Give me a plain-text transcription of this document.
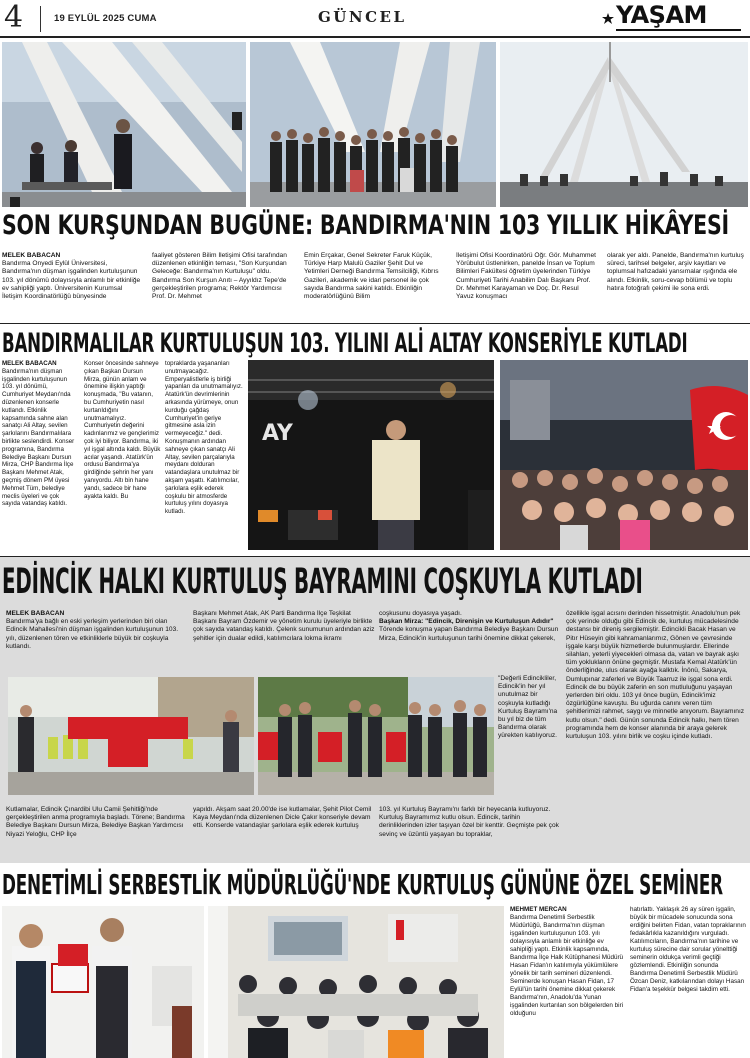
4	19 EYLÜL 2025 CUMA	GÜNCEL	YAŞAM
SON KURŞUNDAN BUGÜNE: BANDIRMA'NIN 103 YILLIK HİKÂYESİ

MELEK BABACAN

Bandırma Onyedi Eylül Üniversitesi, Bandırma'nın düşman işgalinden kurtuluşunun 103. yıl dönümü dolayısıyla anlamlı bir etkinliğe ev sahipliği yaptı. Üniversitenin Kurumsal İletişim Koordinatörlüğü bünyesinde

faaliyet gösteren Bilim İletişimi Ofisi tarafından düzenlenen etkinliğin teması, "Son Kurşundan Geleceğe: Bandırma'nın Kurtuluşu" oldu. Bandırma Son Kurşun Anıtı – Ayyıldız Tepe'de gerçekleştirilen programa; Rektör Yardımcısı Prof. Dr. Mehmet
Emin Erçakar, Genel Sekreter Faruk Küçük, Türkiye Harp Malulü Gaziler Şehit Dul ve Yetimleri Derneği Bandırma Temsilciliği, Kıbrıs Gazileri, akademik ve idari personel ile çok sayıda Bandırma sakini katıldı. Etkinliğin moderatörlüğünü Bilim
İletişimi Ofisi Koordinatörü Öğr. Gör. Muhammet Yörübulut üstlenirken, panelde İnsan ve Toplum Bilimleri Fakültesi öğretim üyelerinden Türkiye Cumhuriyeti Tarihi Anabilim Dalı Başkanı Prof. Dr. Mehmet Karayaman ve Doç. Dr. Resul Yavuz konuşmacı
olarak yer aldı. Panelde, Bandırma'nın kurtuluş süreci, tarihsel belgeler, arşiv kayıtları ve toplumsal hafızadaki yansımalar ışığında ele alındı. Etkinlik, soru-cevap bölümü ve toplu hatıra fotoğrafı çekimi ile sona erdi.
BANDIRMALILAR KURTULUŞUN 103. YILINI ALİ ALTAY KONSERİYLE KUTLADI

MELEK BABACAN

Bandırma'nın düşman işgalinden kurtuluşunun 103. yıl dönümü, Cumhuriyet Meydanı'nda düzenlenen konserle kutlandı. Etkinlik kapsamında sahne alan sanatçı Ali Altay, sevilen şarkılarını Bandırmalılara birlikte seslendirdi. Konser programına, Bandırma Belediye Başkanı Dursun Mirza, CHP Bandırma İlçe Başkanı Mehmet Atak, geçmiş dönem PM üyesi Mehmet Tüm, belediye meclis üyeleri ve çok sayıda vatandaş katıldı.

Konser öncesinde sahneye çıkan Başkan Dursun Mirza, günün anlam ve önemine ilişkin yaptığı konuşmada, "Bu vatanın, bu Cumhuriyetin nasıl kurtarıldığını unutmamalıyız. Cumhuriyetin değerini kadınlarımız ve gençlerimiz çok iyi biliyor. Bandırma, iki yıl işgal altında kaldı. Büyük acılar yaşandı. Atatürk'ün ordusu Bandırma'ya girdiğinde şehrin her yanı yanıyordu. Altı bin hane yandı, sadece bir hane ayakta kaldı. Bu
topraklarda yaşananları unutmayacağız. Emperyalistlerle iş birliği yapanları da unutmamalıyız. Atatürk'ün devrimlerinin arkasında yürümeye, onun kurduğu çağdaş Cumhuriyet'in geriye gitmesine asla izin vermeyeceğiz." dedi. Konuşmanın ardından sahneye çıkan sanatçı Ali Altay, sevilen parçalarıyla meydanı dolduran vatandaşlara unutulmaz bir akşam yaşattı. Katılımcılar, şarkılara eşlik ederek coşkulu bir atmosferde kurtuluş yılını doyasıya kutladı.
AY
EDİNCİK HALKI KURTULUŞ BAYRAMINI COŞKUYLA KUTLADI

MELEK BABACAN

Bandırma'ya bağlı en eski yerleşim yerlerinden biri olan Edincik Mahallesi'nin düşman işgalinden kurtuluşunun 103. yılı, düzenlenen tören ve etkinliklerle büyük bir coşkuyla kutlandı.

Başkanı Mehmet Atak, AK Parti Bandırma İlçe Teşkilat Başkanı Bayram Özdemir ve yönetim kurulu üyeleriyle birlikte çok sayıda vatandaş katıldı. Çelenk sunumunun ardından aziz şehitler için dualar edildi, katılımcılara lokma ikramı

coşkusunu doyasıya yaşadı.

Başkan Mirza: "Edincik, Direnişin ve Kurtuluşun Adıdır"

Törende konuşma yapan Bandırma Belediye Başkanı Dursun Mirza, Edincik'in kurtuluşunun tarihi önemine dikkat çekerek,

özellikle işgal acısını derinden hissetmiştir. Anadolu'nun pek çok yerinde olduğu gibi Edincik de, kurtuluş mücadelesinde destansı bir direniş sergilemiştir. Edincikli Bacak Hasan ve Pitır Hüseyin gibi kahramanlarımız, Gönen ve çevresinde işgale karşı büyük hizmetlerde bulunmuşlardır. Ellerinde silahları, yeterli yiyecekleri olmasa da, vatan ve bayrak aşkı tüm yoklukların önüne geçmiştir. Mustafa Kemal Atatürk'ün önderliğinde, ulus olarak ayağa kalktık. İnönü, Sakarya, Dumlupınar zaferleri ve Büyük Taarruz ile işgal sona erdi. Edincik de bu büyük zaferin en son mutluluğunu yaşayan yerlerden biri oldu. 103 yıl önce bugün, Edincik'imiz özgürlüğüne kavuştu. Bu uğurda canını veren tüm şehitlerimizi rahmet, saygı ve minnetle anıyorum. Bayramınız kutlu olsun." dedi. Günün sonunda Edincik halkı, hem tören programında hem de konser alanında bir araya gelerek kurtuluşun 103. yılını birlik ve coşku içinde kutladı.
"Değerli Edincikliler, Edincik'in her yıl unutulmaz bir coşkuyla kutladığı Kurtuluş Bayramı'na bu yıl biz de tüm Bandırma olarak yürekten katılıyoruz.
Kutlamalar, Edincik Çınardibi Ulu Camii Şehitliği'nde gerçekleştirilen anma programıyla başladı. Törene; Bandırma Belediye Başkanı Dursun Mirza, Belediye Başkan Yardımcısı Niyazi Yeloğlu, CHP İlçe
yapıldı. Akşam saat 20.00'de ise kutlamalar, Şehit Pilot Cemil Kaya Meydanı'nda düzenlenen Dicle Çakır konseriyle devam etti. Konserde vatandaşlar şarkılara eşlik ederek kurtuluş
103. yıl Kurtuluş Bayramı'nı farklı bir heyecanla kutluyoruz. Kurtuluş Bayramımız kutlu olsun. Edincik, tarihin derinliklerinden izler taşıyan özel bir kenttir. Geçmişte pek çok sevinç ve üzüntü yaşayan bu topraklar,
DENETİMLİ SERBESTLİK MÜDÜRLÜĞÜ'NDE KURTULUŞ GÜNÜNE ÖZEL SEMİNER

MEHMET MERCAN

Bandırma Denetimli Serbestlik Müdürlüğü, Bandırma'nın düşman işgalinden kurtuluşunun 103. yılı dolayısıyla anlamlı bir etkinliğe ev sahipliği yaptı. Etkinlik kapsamında, Bandırma İlçe Halk Kütüphanesi Müdürü Hasan Fidan'ın katılımıyla yükümlülere yönelik bir tarih semineri düzenlendi. Seminerde konuşan Hasan Fidan, 17 Eylül'ün tarihi önemine dikkat çekerek Bandırma'nın, Anadolu'da Yunan işgalinden kurtarılan son bölgelerden biri olduğunu

hatırlattı. Yaklaşık 26 ay süren işgalin, büyük bir mücadele sonucunda sona erdiğini belirten Fidan, vatan topraklarının fedakârlıkla kazanıldığını vurguladı. Katılımcıların, Bandırma'nın tarihine ve kurtuluş sürecine dair sorular yönelttiği seminerin oldukça verimli geçtiği gözlemlendi. Etkinliğin sonunda Bandırma Denetimli Serbestlik Müdürü Özcan Deniz, katkılarından dolayı Hasan Fidan'a teşekkür belgesi takdim etti.
